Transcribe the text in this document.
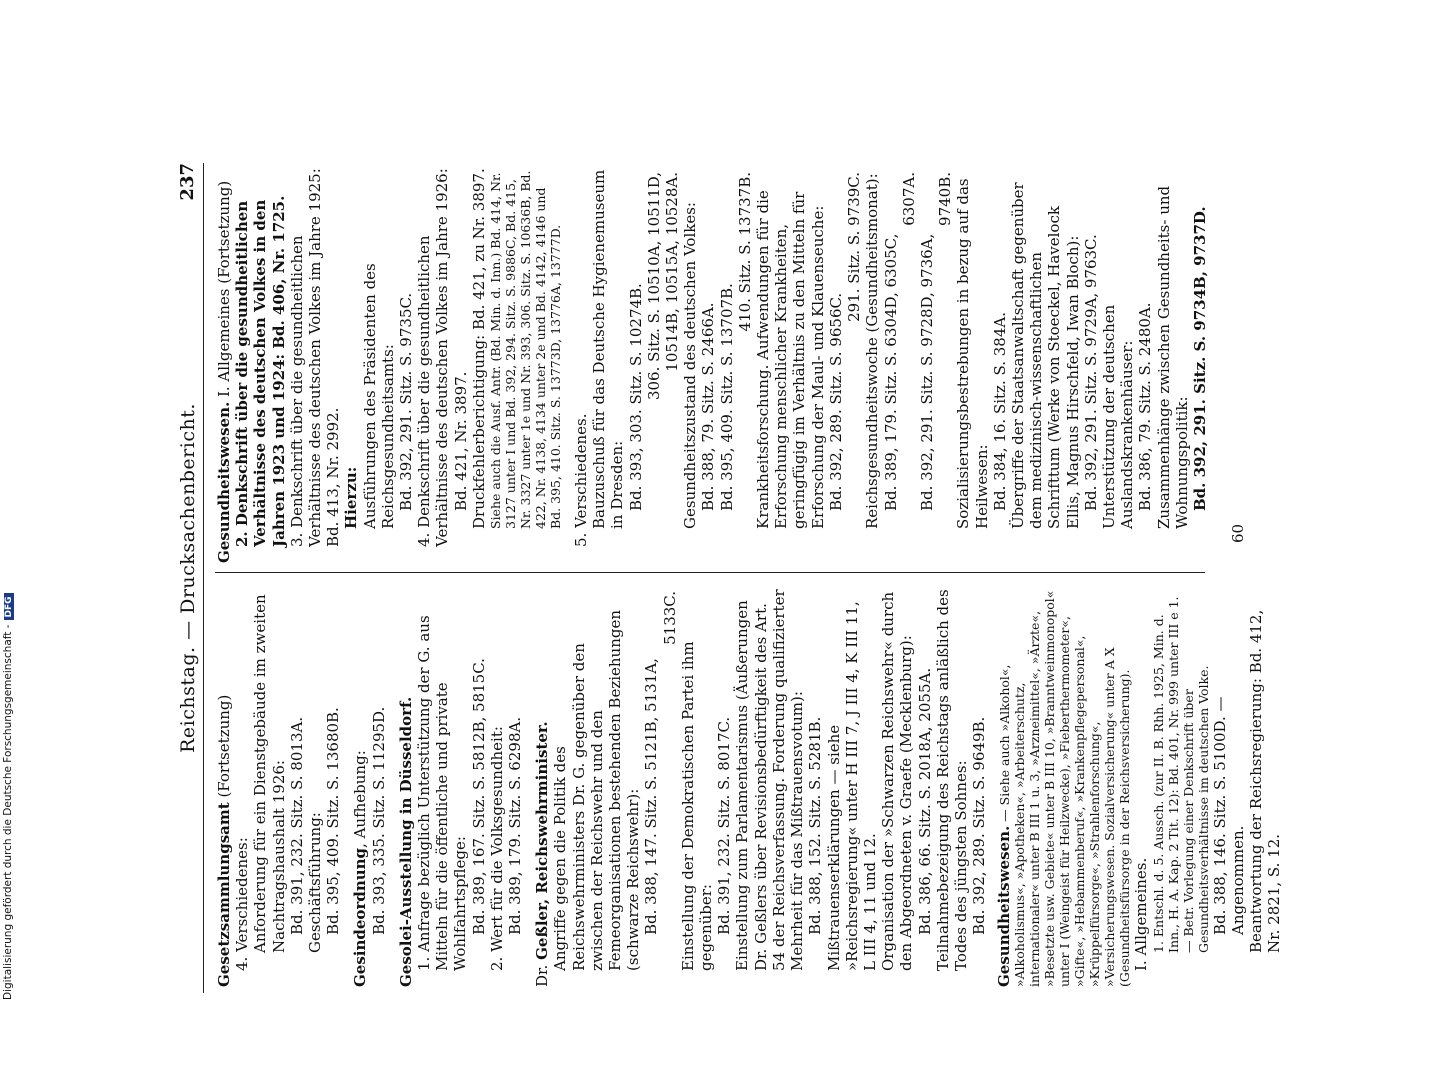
Reichstag. — Drucksachenbericht.
237

Gesetzsammlungsamt (Fortsetzung)

4. Verschiedenes: Anforderung für ein Dienstgebäude im zweiten Nachtragshaushalt 1926: Bd. 391, 232. Sitz. S. 8013A. Geschäftsführung: Bd. 395, 409. Sitz. S. 13680B. Gesindeordnung, Aufhebung: Bd. 393, 335. Sitz. S. 11295D. Gesolei-Ausstellung in Düsseldorf. 1. Anfrage bezüglich Unterstützung der G. aus Mitteln für die öffentliche und private Wohlfahrtspflege: Bd. 389, 167. Sitz. S. 5812B, 5815C. 2. Wert für die Volksgesundheit: Bd. 389, 179. Sitz. S. 6298A.

Dr. Geßler, Reichswehrminister. Angriffe gegen die Politik des Reichswehrministers Dr. G. gegenüber den zwischen der Reichswehr und den Femeorganisationen bestehenden Beziehungen (schwarze Reichswehr): Bd. 388, 147. Sitz. S. 5121B, 5131A,

5133C.

Einstellung der Demokratischen Partei ihm gegenüber: Bd. 391, 232. Sitz. S. 8017C. Einstellung zum Parlamentarismus (Äußerungen Dr. Geßlers über Revisionsbedürftigkeit des Art. 54 der Reichsverfassung. Forderung qualifizierter Mehrheit für das Mißtrauensvotum): Bd. 388, 152. Sitz. S. 5281B. Mißtrauenserklärungen — siehe »Reichsregierung« unter H III 7, J III 4, K III 11, L III 4, 11 und 12. Organisation der »Schwarzen Reichswehr« durch den Abgeordneten v. Graefe (Mecklenburg): Bd. 386, 66. Sitz. S. 2018A, 2055A. Teilnahmebezeigung des Reichstags anläßlich des Todes des jüngsten Sohnes: Bd. 392, 289. Sitz. S. 9649B. Gesundheitswesen. — Siehe auch »Alkohol«, »Alkoholismus«, »Apotheken«, »Arbeiterschutz, internationaler« unter B III 1 u. 3, »Arzneimittel«, »Ärzte«, »Besetzte usw. Gebiete« unter B III 10, »Branntweinmonopol« unter I (Weingeist für Heilzwecke), »Fieberthermometer«, »Gifte«, »Hebammenberuf«, »Krankenpflegepersonal«, »Krüppelfürsorge«, »Strahlenforschung«, »Versicherungswesen. Sozialversicherung« unter A X (Gesundheitsfürsorge in der Reichsversicherung). I. Allgemeines. 1. Entschl. d. 5. Aussch. (zur II. B. Rhh. 1925, Min. d. Inn., H. A. Kap. 2 Tit. 12): Bd. 401, Nr. 999 unter III e 1. — Betr. Vorlegung einer Denkschrift über Gesundheitsverhältnisse im deutschen Volke. Bd. 388, 146. Sitz. S. 5100D. — Angenommen. Beantwortung der Reichsregierung: Bd. 412, Nr. 2821, S. 12.

Gesundheitswesen. I. Allgemeines (Fortsetzung) 2. Denkschrift über die gesundheitlichen Verhältnisse des deutschen Volkes in den Jahren 1923 und 1924: Bd. 406, Nr. 1725. 3. Denkschrift über die gesundheitlichen Verhältnisse des deutschen Volkes im Jahre 1925: Bd. 413, Nr. 2992. Hierzu: Ausführungen des Präsidenten des Reichsgesundheitsamts: Bd. 392, 291. Sitz. S. 9735C. 4. Denkschrift über die gesundheitlichen Verhältnisse des deutschen Volkes im Jahre 1926: Bd. 421, Nr. 3897. Druckfehlerberichtigung: Bd. 421, zu Nr. 3897. Siehe auch die Ausf. Antr. (Bd. Min. d. Inn.) Bd. 414, Nr. 3127 unter I und Bd. 392, 294. Sitz. S. 9886C, Bd. 415, Nr. 3327 unter 1e und Nr. 393, 306. Sitz. S. 10636B, Bd. 422, Nr. 4138, 4134 unter 2e und Bd. 4142, 4146 und Bd. 395, 410. Sitz. S. 13773D, 13776A, 13777D. 5. Verschiedenes. Bauzuschuß für das Deutsche Hygienemuseum in Dresden: Bd. 393, 303. Sitz. S. 10274B. 306. Sitz. S. 10510A, 10511D, 10514B, 10515A, 10528A. Gesundheitszustand des deutschen Volkes: Bd. 388, 79. Sitz. S. 2466A. Bd. 395, 409. Sitz. S. 13707B.

410. Sitz. S. 13737B. Krankheitsforschung. Aufwendungen für die Erforschung menschlicher Krankheiten, geringfügig im Verhältnis zu den Mitteln für Erforschung der Maul- und Klauenseuche: Bd. 392, 289. Sitz. S. 9656C.

291. Sitz. S. 9739C. Reichsgesundheitswoche (Gesundheitsmonat): Bd. 389, 179. Sitz. S. 6304D, 6305C,

6307A.

Bd. 392, 291. Sitz. S. 9728D, 9736A,

9740B. Sozialisierungsbestrebungen in bezug auf das Heilwesen: Bd. 384, 16. Sitz. S. 384A. Übergriffe der Staatsanwaltschaft gegenüber dem medizinisch-wissenschaftlichen Schrifttum (Werke von Stoeckel, Havelock Ellis, Magnus Hirschfeld, Iwan Bloch): Bd. 392, 291. Sitz. S. 9729A, 9763C. Unterstützung der deutschen Auslandskrankenhäuser: Bd. 386, 79. Sitz. S. 2480A. Zusammenhänge zwischen Gesundheits- und Wohnungspolitik: Bd. 392, 291. Sitz. S. 9734B, 9737D.

60
Digitalisierung gefördert durch die Deutsche Forschungsgemeinschaft -DFG
